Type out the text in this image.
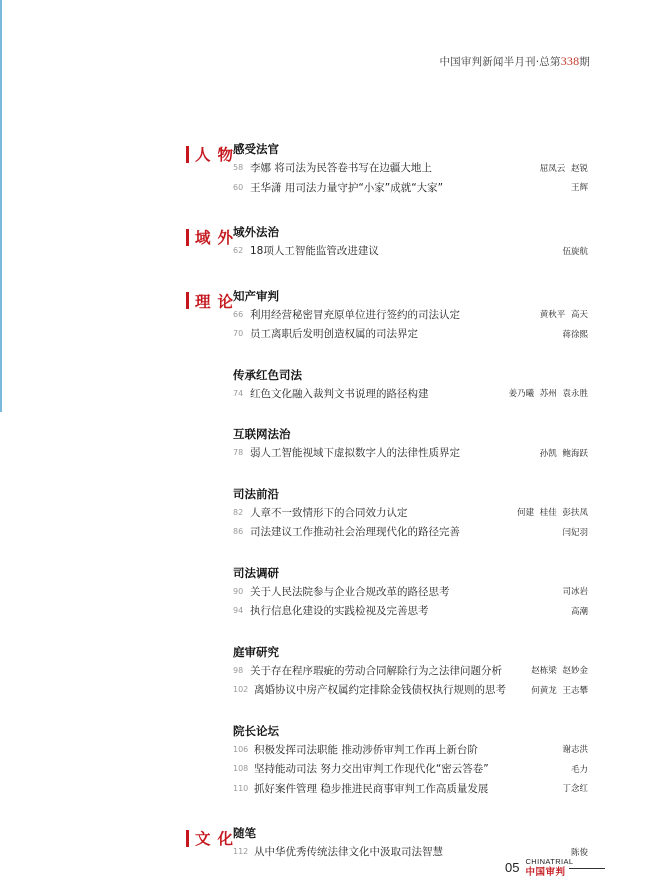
中国审判新闻半月刊·总第338期
人物
感受法官
58 李娜 将司法为民答卷书写在边疆大地上	屈凤云 赵锐
60 王华潇 用司法力量守护“小家”成就“大家”	王辉
域外
域外法治
62 18项人工智能监管改进建议	伍旋航
理论
知产审判
66 利用经营秘密冒充原单位进行签约的司法认定	黄秋平 高天
70 员工离职后发明创造权属的司法界定	蒋徐熙
传承红色司法
74 红色文化融入裁判文书说理的路径构建	姜乃曦 苏州 袁永胜
互联网法治
78 弱人工智能视域下虚拟数字人的法律性质界定	孙凯 鲍海跃
司法前沿
82 人章不一致情形下的合同效力认定	何建 桂佳 彭扶凤
86 司法建议工作推动社会治理现代化的路径完善	闫妃羽
司法调研
90 关于人民法院参与企业合规改革的路径思考	司冰岩
94 执行信息化建设的实践检视及完善思考	高潮
庭审研究
98 关于存在程序瑕疵的劳动合同解除行为之法律问题分析	赵栋梁 赵妙金
102 离婚协议中房产权属约定排除金钱债权执行规则的思考	何黄龙 王志攀
院长论坛
106 积极发挥司法职能 推动涉侨审判工作再上新台阶	谢志洪
108 坚持能动司法 努力交出审判工作现代化“密云答卷”	毛力
110 抓好案件管理 稳步推进民商事审判工作高质量发展	丁念红
文化
随笔
112 从中华优秀传统法律文化中汲取司法智慧	陈俊
05 CHINATRIAL
中国审判
